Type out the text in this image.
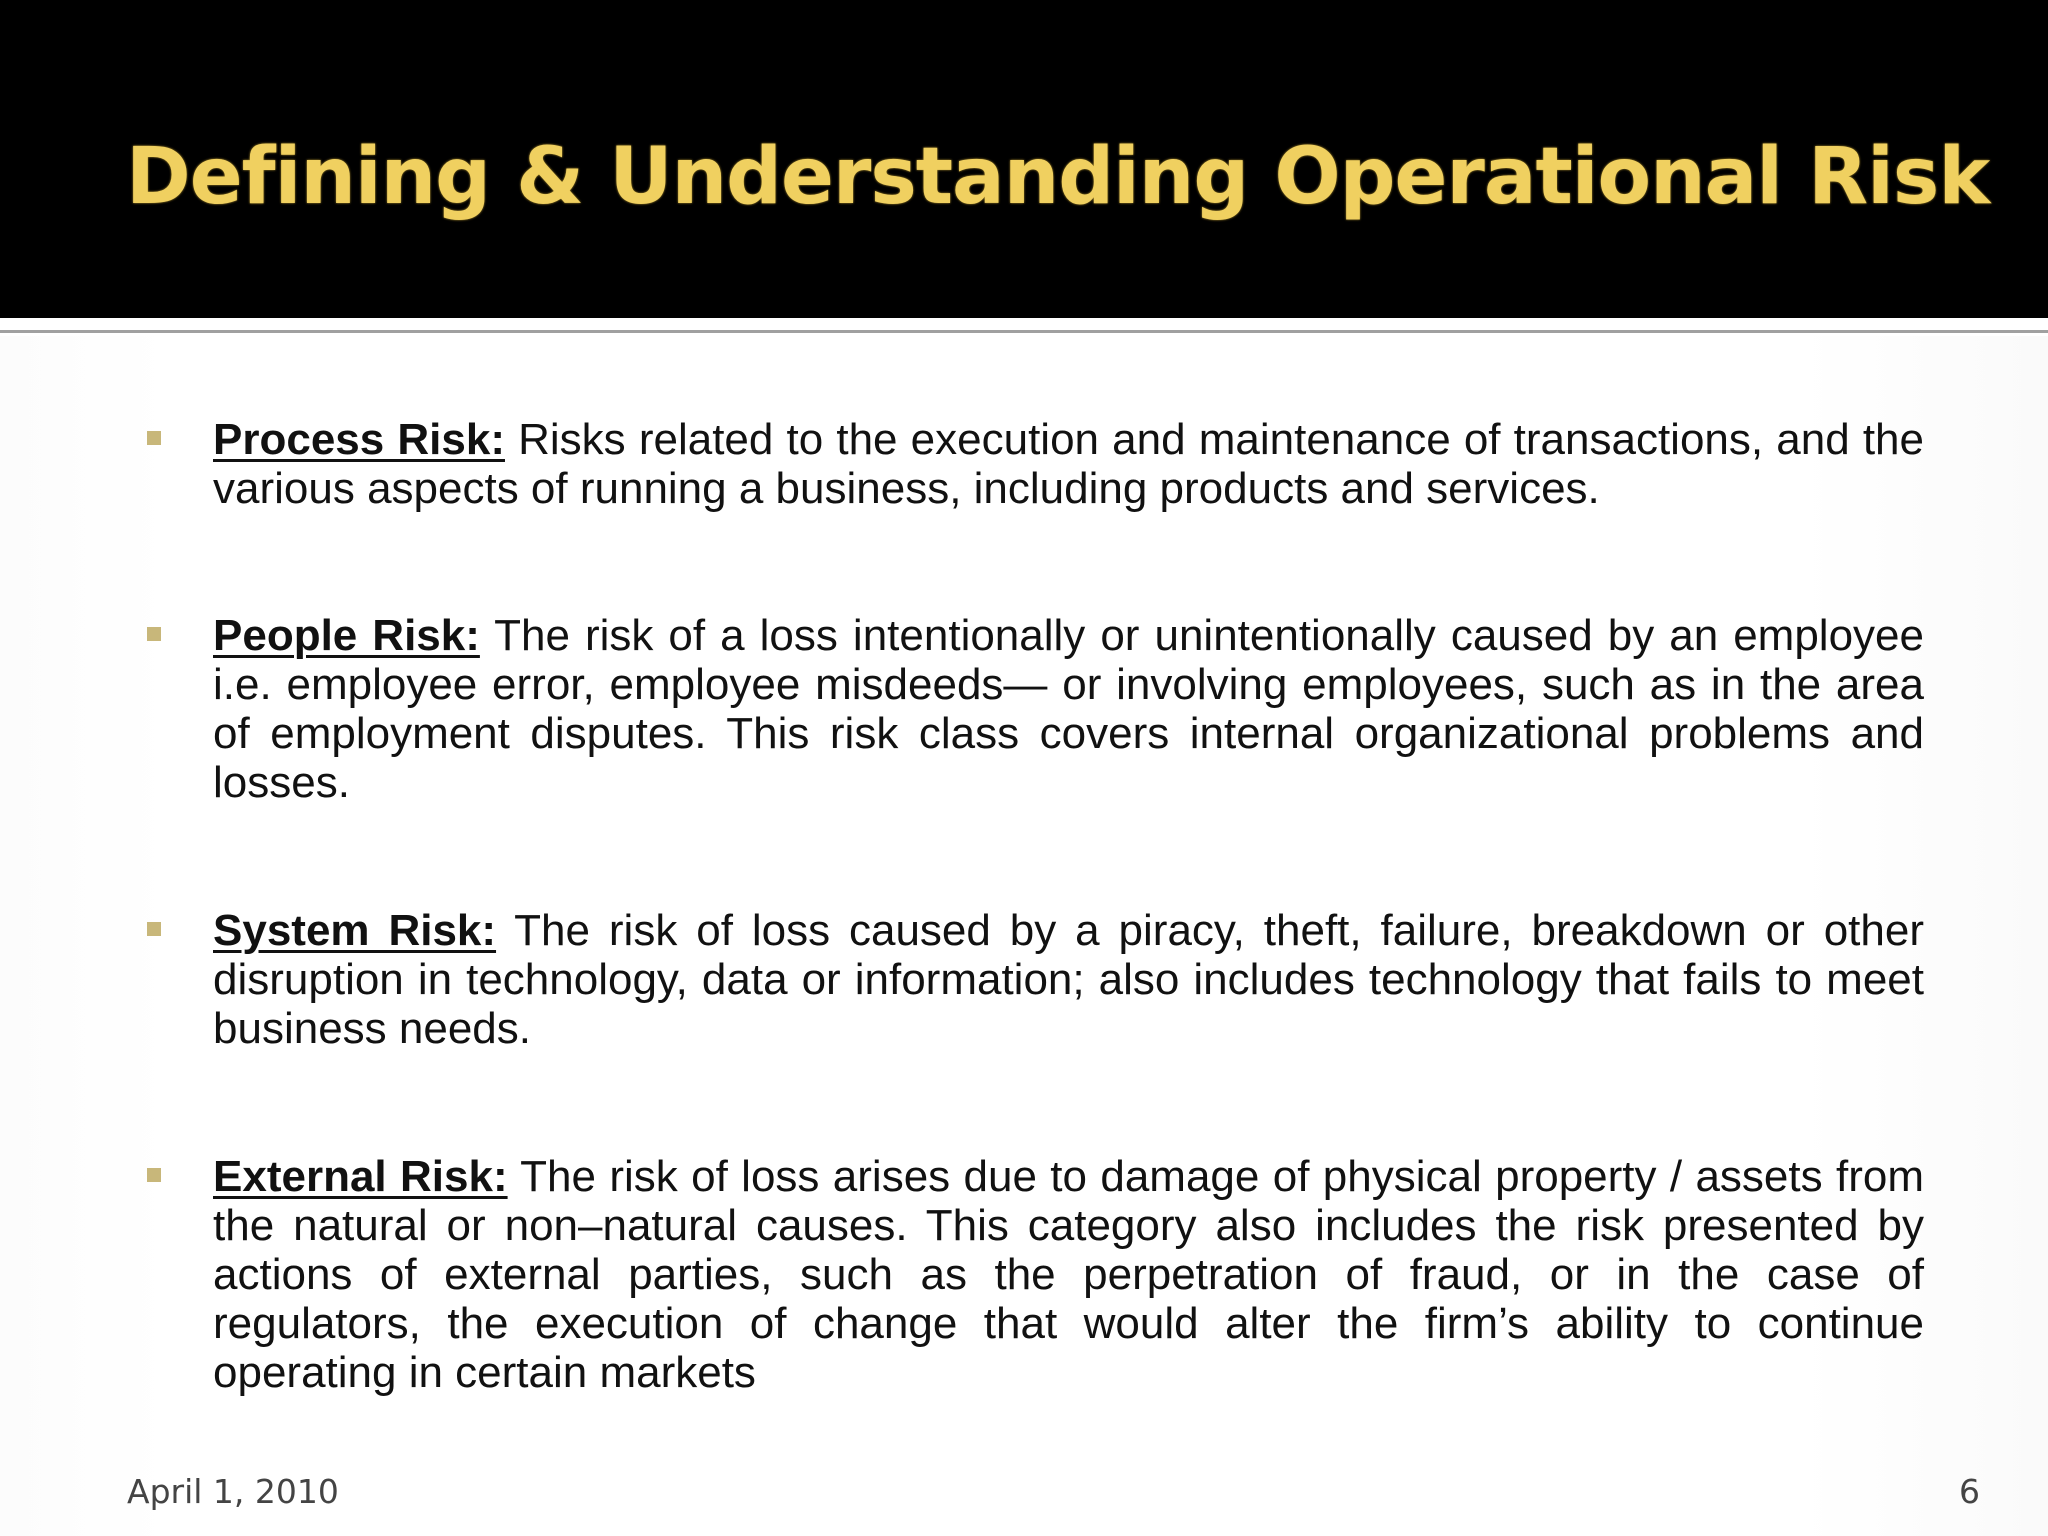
Defining & Understanding Operational Risk
Process Risk: Risks related to the execution and maintenance of transactions, and the various aspects of running a business, including products and services.
People Risk: The risk of a loss intentionally or unintentionally caused by an employee i.e. employee error, employee misdeeds— or involving employees, such as in the area of employment disputes. This risk class covers internal organizational problems and losses.
System Risk: The risk of loss caused by a piracy, theft, failure, breakdown or other disruption in technology, data or information; also includes technology that fails to meet business needs.
External Risk: The risk of loss arises due to damage of physical property / assets from the natural or non–natural causes. This category also includes the risk presented by actions of external parties, such as the perpetration of fraud, or in the case of regulators, the execution of change that would alter the firm’s ability to continue operating in certain markets
April 1, 2010	6
